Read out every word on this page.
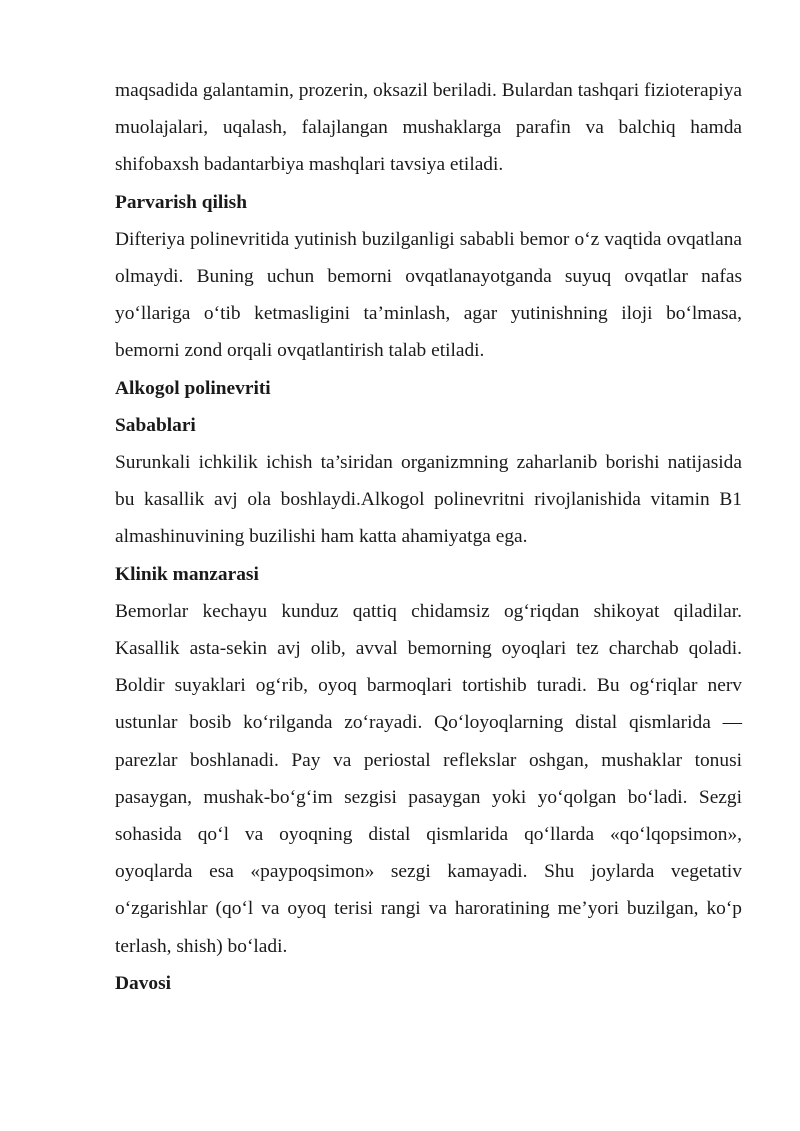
maqsadida galantamin, prozerin, oksazil beriladi. Bulardan tashqari fizioterapiya muolajalari, uqalash, falajlangan mushaklarga parafin va balchiq hamda shifobaxsh badantarbiya mashqlari tavsiya etiladi.

Parvarish qilish

Difteriya polinevritida yutinish buzilganligi sababli bemor o‘z vaqtida ovqatlana olmaydi. Buning uchun bemorni ovqatlanayotganda suyuq ovqatlar nafas yo‘llariga o‘tib ketmasligini ta’minlash, agar yutinishning iloji bo‘lmasa, bemorni zond orqali ovqatlantirish talab etiladi.

Alkogol polinevriti

Sabablari

Surunkali ichkilik ichish ta’siridan organizmning zaharlanib borishi natijasida bu kasallik avj ola boshlaydi.Alkogol polinevritni rivojlanishida vitamin B1 almashinuvining buzilishi ham katta ahamiyatga ega.

Klinik manzarasi

Bemorlar kechayu kunduz qattiq chidamsiz og‘riqdan shikoyat qiladilar. Kasallik asta-sekin avj olib, avval bemorning oyoqlari tez charchab qoladi. Boldir suyaklari og‘rib, oyoq barmoqlari tortishib turadi. Bu og‘riqlar nerv ustunlar bosib ko‘rilganda zo‘rayadi. Qo‘loyoqlarning distal qismlarida —parezlar boshlanadi. Pay va periostal reflekslar oshgan, mushaklar tonusi pasaygan, mushak-bo‘g‘im sezgisi pasaygan yoki yo‘qolgan bo‘ladi. Sezgi sohasida qo‘l va oyoqning distal qismlarida qo‘llarda «qo‘lqopsimon», oyoqlarda esa «paypoqsimon» sezgi kamayadi. Shu joylarda vegetativ o‘zgarishlar (qo‘l va oyoq terisi rangi va haroratining me’yori buzilgan, ko‘p terlash, shish) bo‘ladi.

Davosi
